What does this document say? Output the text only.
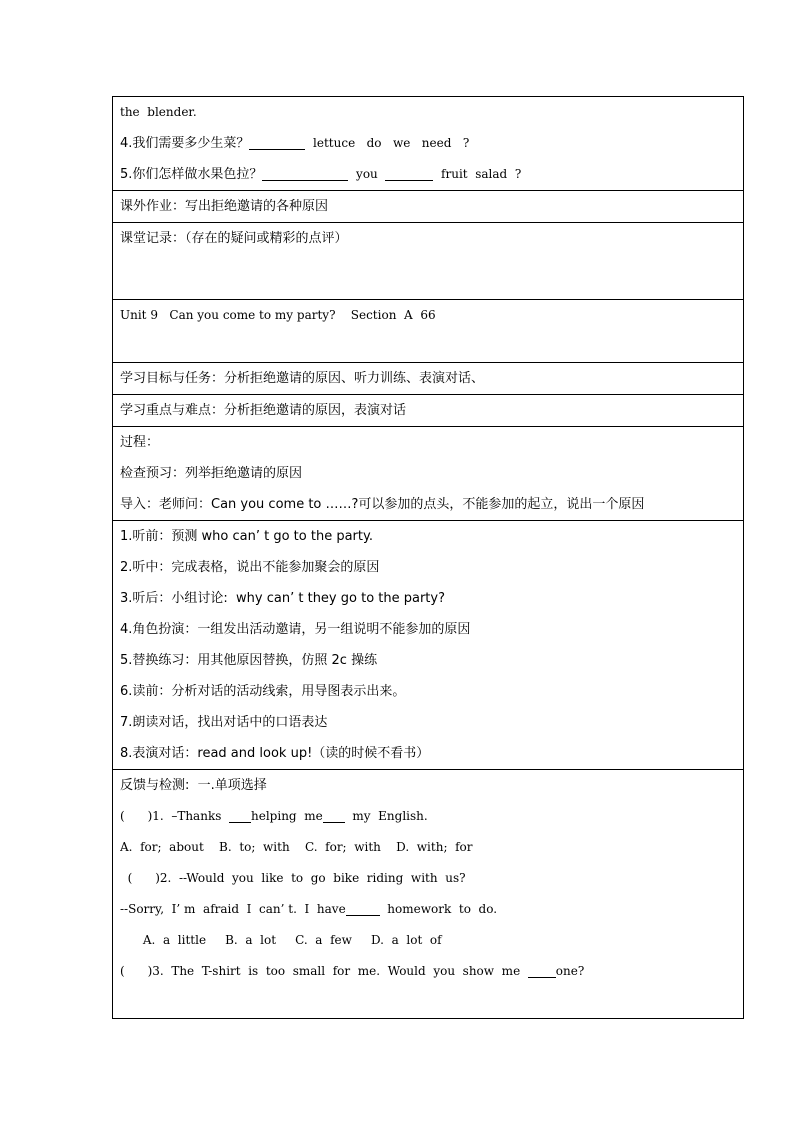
the  blender.
4.我们需要多少生菜？	lettuce   do   we   need   ?
5.你们怎样做水果色拉？	you	fruit  salad  ?

课外作业：写出拒绝邀请的各种原因

课堂记录：（存在的疑问或精彩的点评）

Unit 9   Can you come to my party?    Section  A  66

学习目标与任务：分析拒绝邀请的原因、听力训练、表演对话、

学习重点与难点：分析拒绝邀请的原因，表演对话

过程：
检查预习：列举拒绝邀请的原因
导入：老师问：Can you come to ……?可以参加的点头，不能参加的起立，说出一个原因

1.听前：预测 who can’ t go to the party.
2.听中：完成表格，说出不能参加聚会的原因
3.听后：小组讨论:  why can’ t they go to the party?
4.角色扮演：一组发出活动邀请，另一组说明不能参加的原因
5.替换练习：用其他原因替换，仿照 2c 操练
6.读前：分析对话的活动线索，用导图表示出来。
7.朗读对话，找出对话中的口语表达
8.表演对话：read and look up!（读的时候不看书）

反馈与检测:  一.单项选择
(      )1.  –Thanks  helping  me  my  English.
A.  for;  about    B.  to;  with    C.  for;  with    D.  with;  for
(      )2.  --Would  you  like  to  go  bike  riding  with  us?
--Sorry,  I’ m  afraid  I  can’ t.  I  have	homework  to  do.
A.  a  little     B.  a  lot     C.  a  few     D.  a  lot  of
(      )3.  The  T-shirt  is  too  small  for  me.  Would  you  show  me  one?
